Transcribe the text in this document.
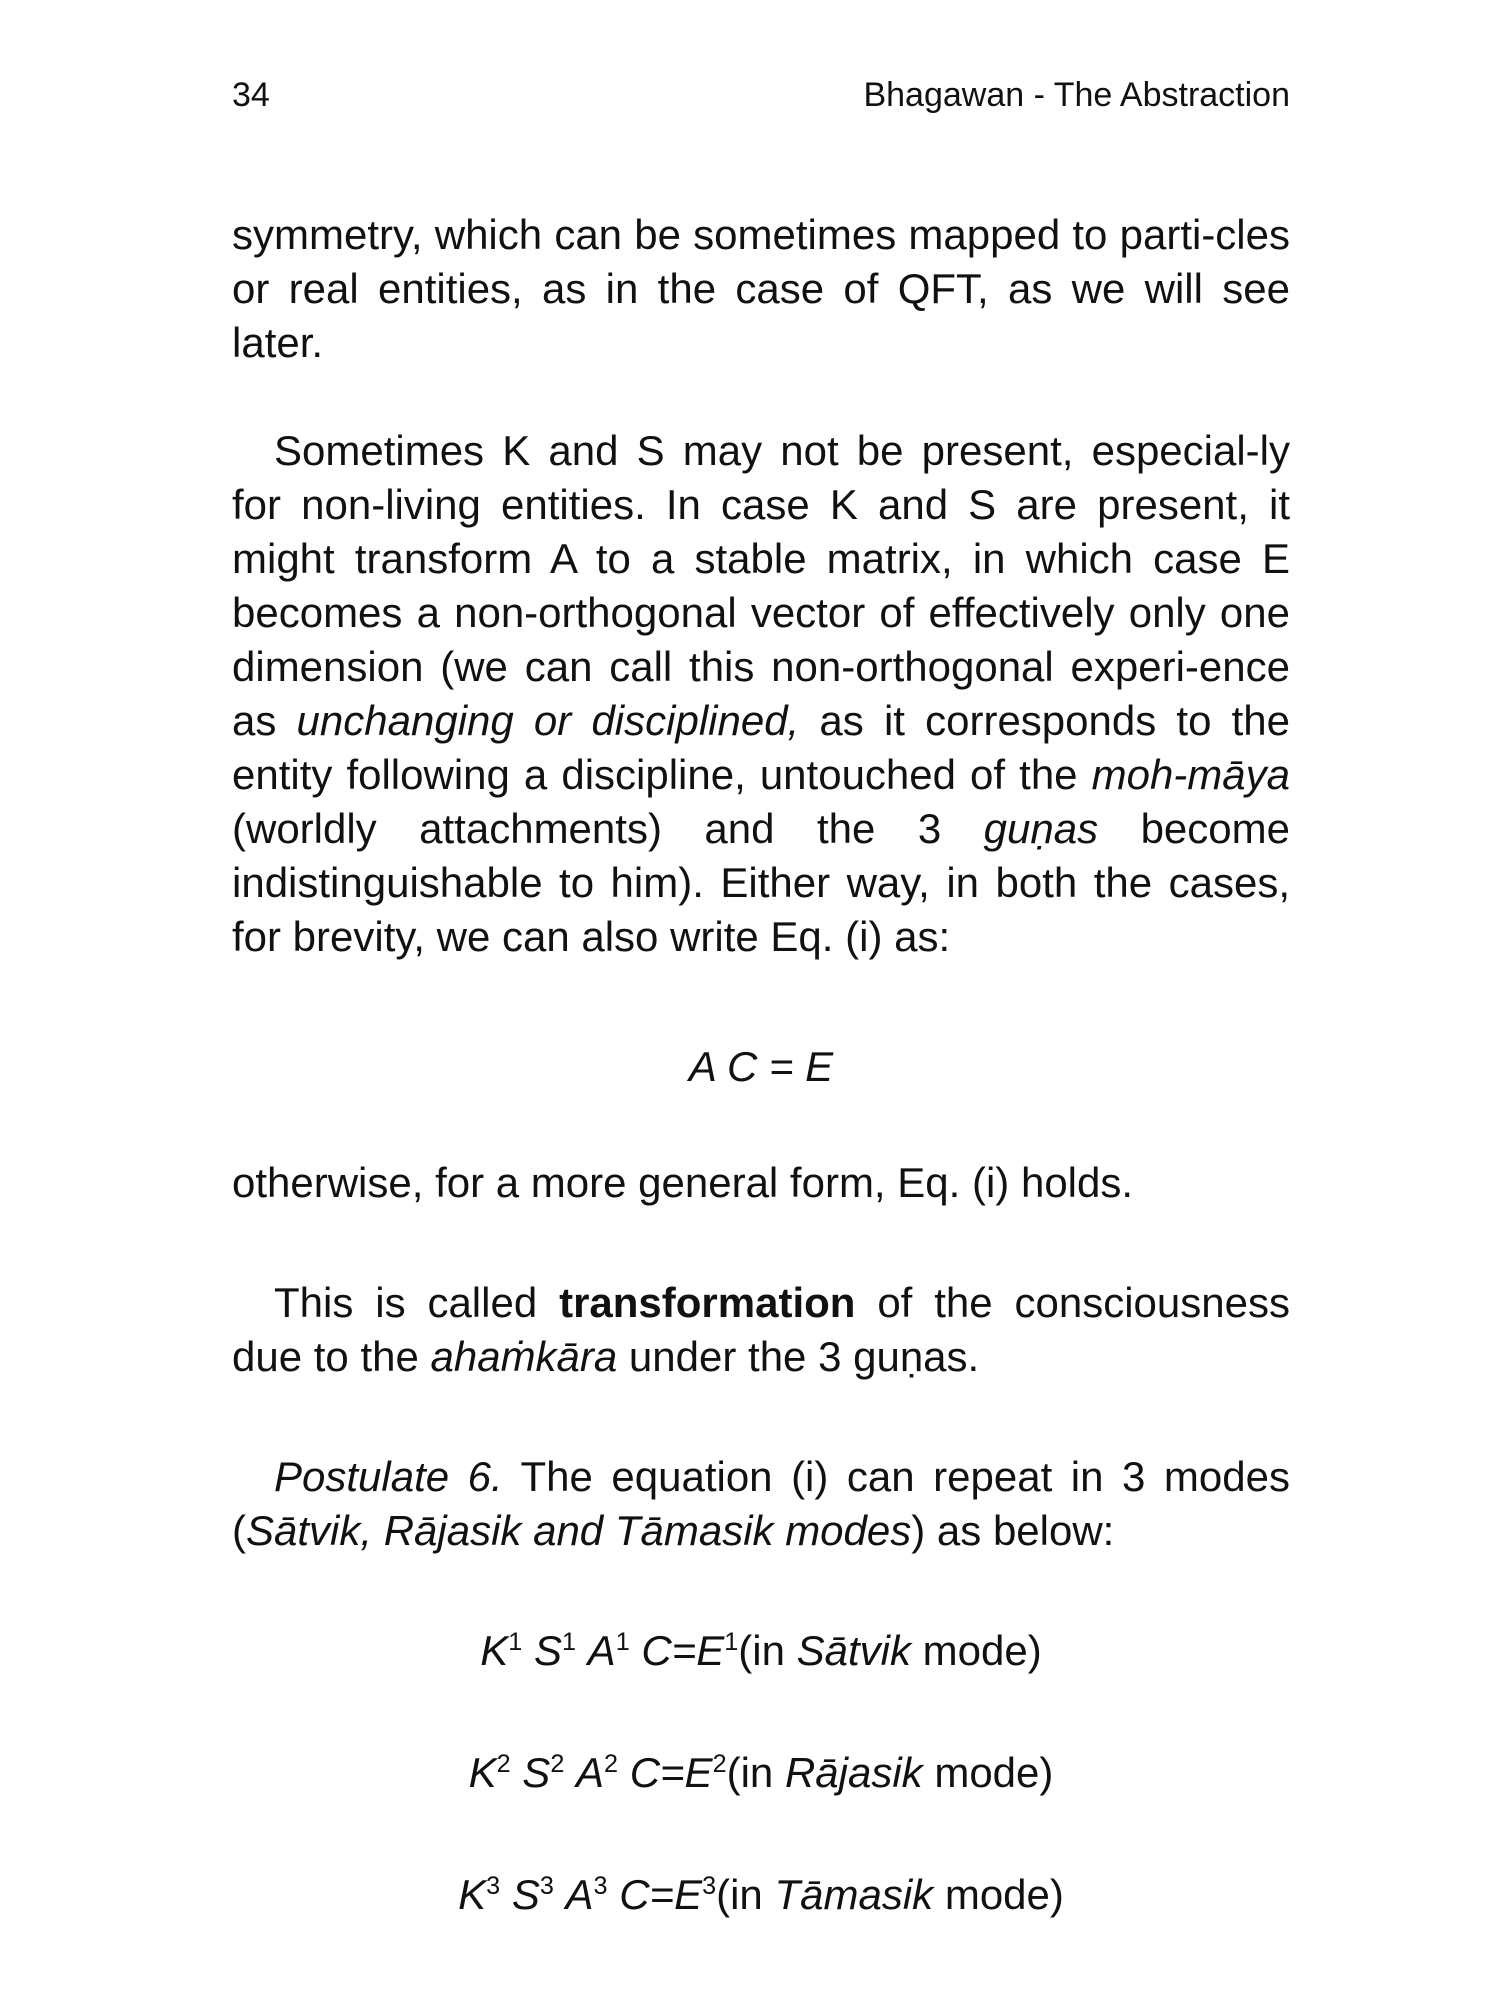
34	Bhagawan - The Abstraction

symmetry, which can be sometimes mapped to parti-cles or real entities, as in the case of QFT, as we will see later.

Sometimes K and S may not be present, especial-ly for non-living entities. In case K and S are present, it might transform A to a stable matrix, in which case E becomes a non-orthogonal vector of effectively only one dimension (we can call this non-orthogonal experi-ence as unchanging or disciplined, as it corresponds to the entity following a discipline, untouched of the moh-māya (worldly attachments) and the 3 guṇas become indistinguishable to him). Either way, in both the cases, for brevity, we can also write Eq. (i) as:

A C = E

otherwise, for a more general form, Eq. (i) holds.

This is called transformation of the consciousness due to the ahaṁkāra under the 3 guṇas.

Postulate 6. The equation (i) can repeat in 3 modes (Sātvik, Rājasik and Tāmasik modes) as below:

$K^1$ $S^1$ $A^1$ $C=E^1(in$ Sātvik mode)
$K^2$ $S^2$ $A^2$ $C=E^2(in$ Rājasik mode)
$K^3$ $S^3$ $A^3$ $C=E^3(in$ Tāmasik mode)
